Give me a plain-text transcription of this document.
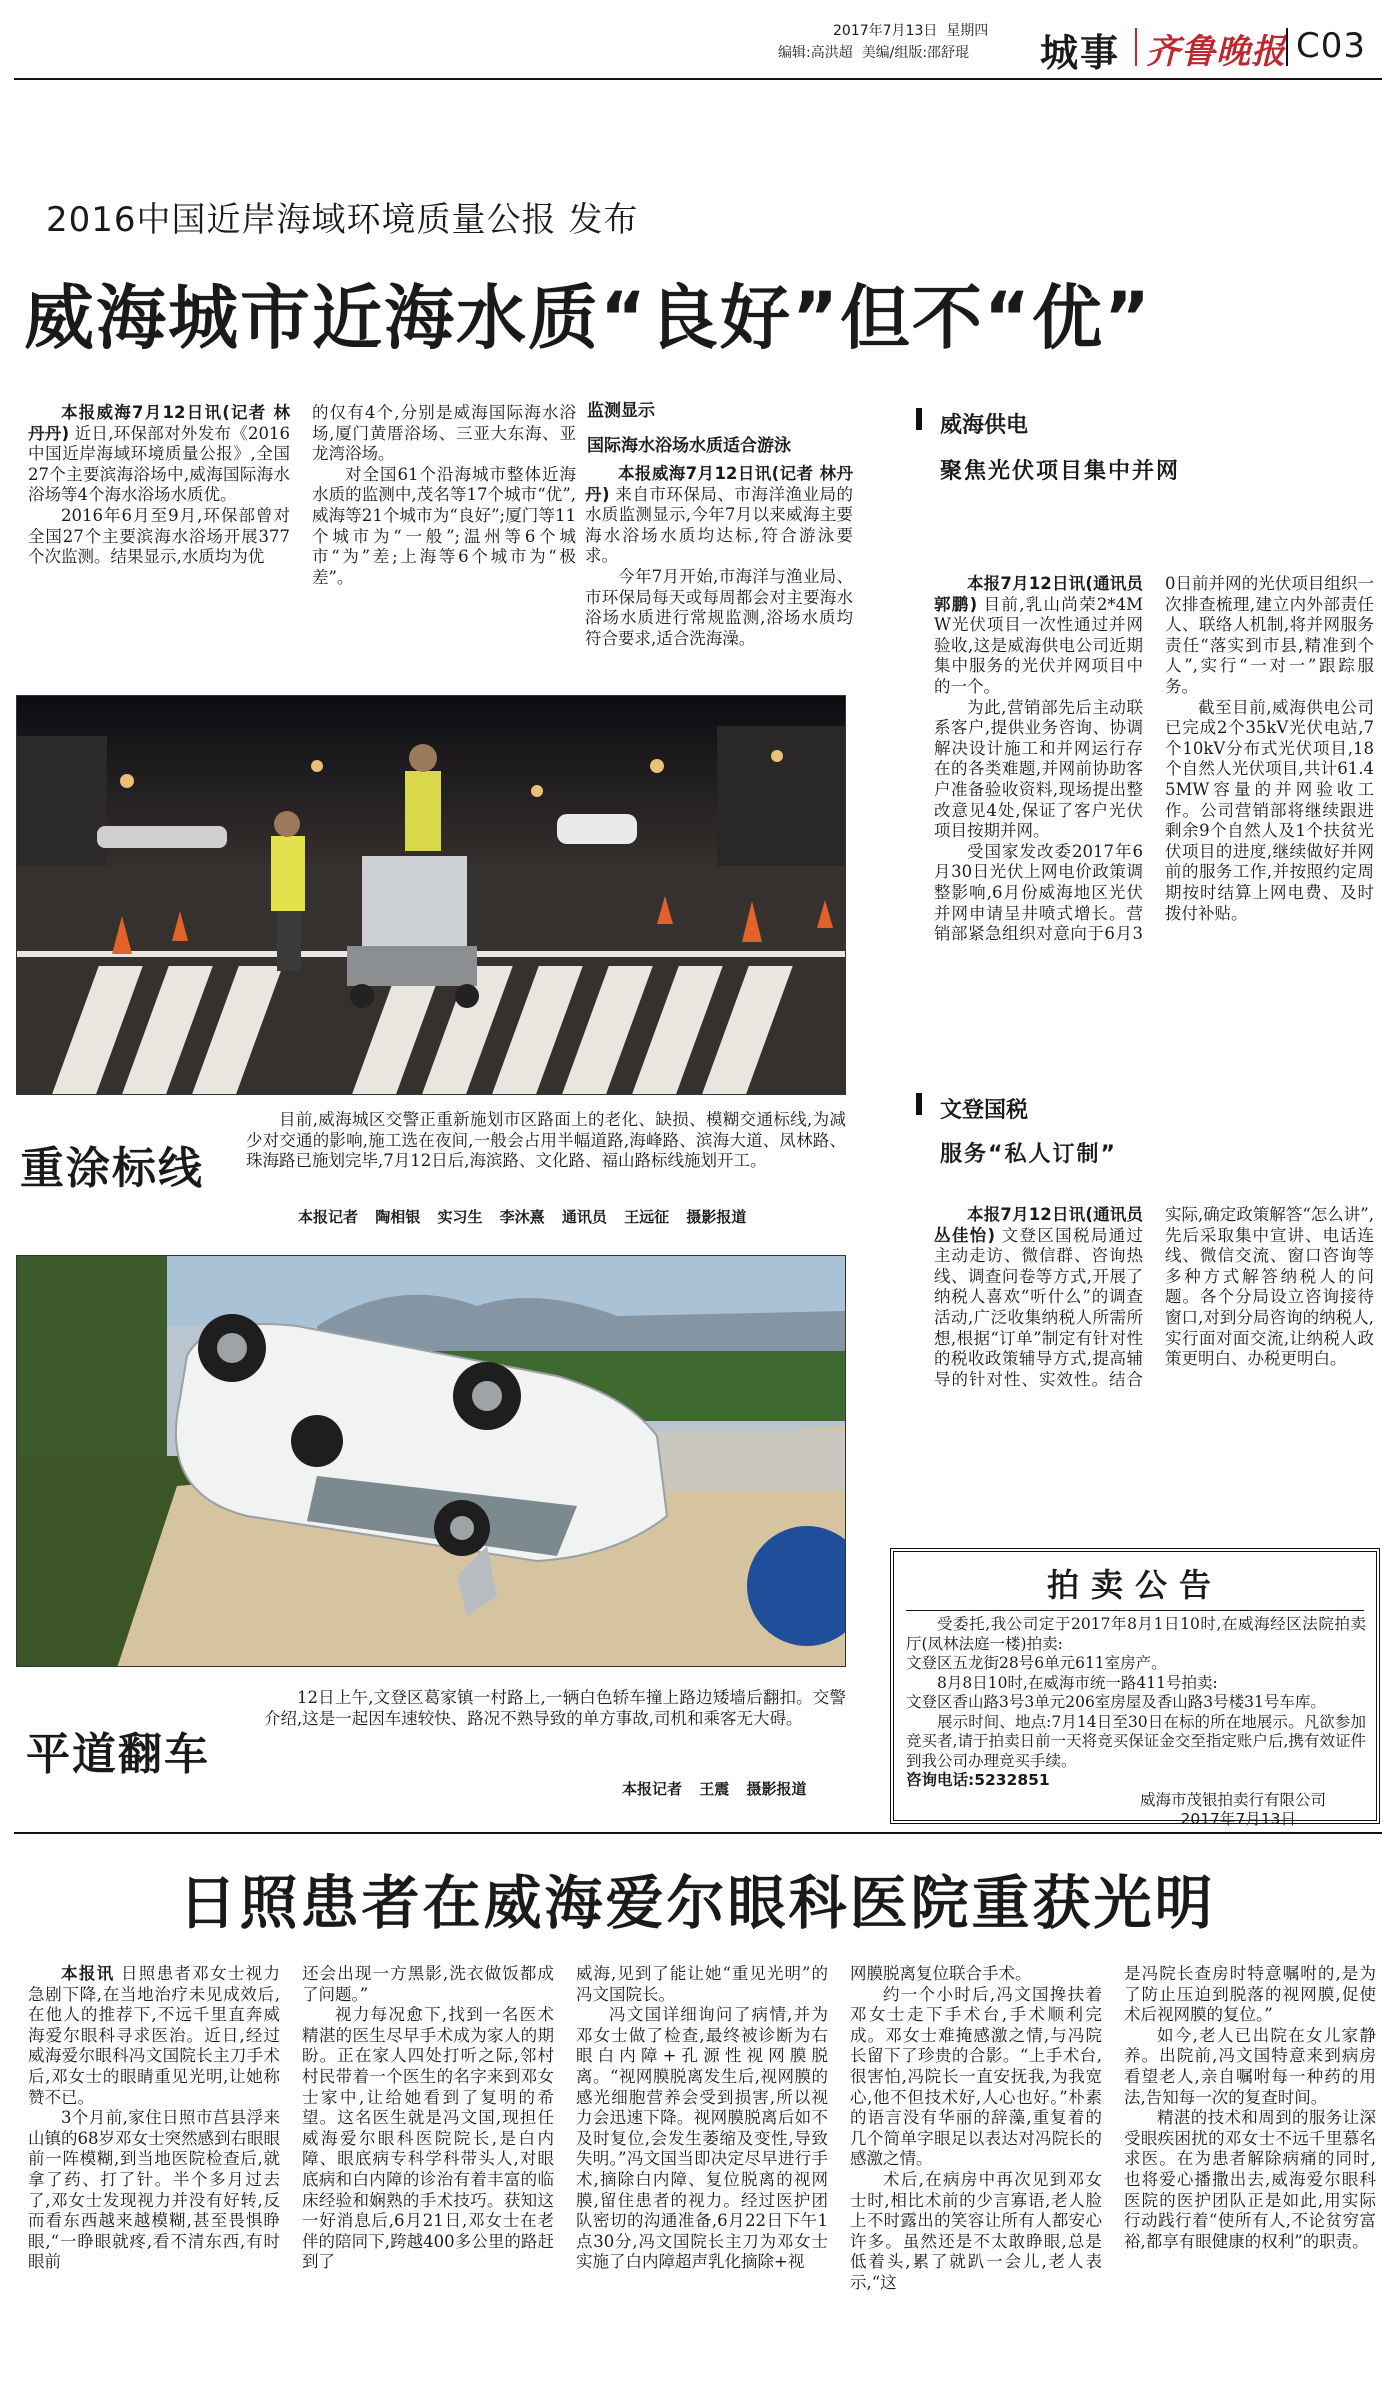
2017年7月13日 星期四
编辑:高洪超 美编/组版:邵舒琨 城事 齐鲁晚报 C03
2016中国近岸海域环境质量公报 发布
威海城市近海水质“良好”但不“优”

本报威海7月12日讯(记者 林丹丹) 近日,环保部对外发布《2016中国近岸海域环境质量公报》,全国27个主要滨海浴场中,威海国际海水浴场等4个海水浴场水质优。

2016年6月至9月,环保部曾对全国27个主要滨海水浴场开展377个次监测。结果显示,水质均为优

的仅有4个,分别是威海国际海水浴场,厦门黄厝浴场、三亚大东海、亚龙湾浴场。

对全国61个沿海城市整体近海水质的监测中,茂名等17个城市“优”,威海等21个城市为“良好”;厦门等11个城市为“一般”;温州等6个城市“为”差;上海等6个城市为“极差”。

监测显示
国际海水浴场水质适合游泳

本报威海7月12日讯(记者 林丹丹) 来自市环保局、市海洋渔业局的水质监测显示,今年7月以来威海主要海水浴场水质均达标,符合游泳要求。

今年7月开始,市海洋与渔业局、市环保局每天或每周都会对主要海水浴场水质进行常规监测,浴场水质均符合要求,适合洗海澡。

重涂标线
目前,威海城区交警正重新施划市区路面上的老化、缺损、模糊交通标线,为减少对交通的影响,施工选在夜间,一般会占用半幅道路,海峰路、滨海大道、凤林路、珠海路已施划完毕,7月12日后,海滨路、文化路、福山路标线施划开工。
本报记者 陶相银 实习生 李沐熹 通讯员 王远征 摄影报道
平道翻车
12日上午,文登区葛家镇一村路上,一辆白色轿车撞上路边矮墙后翻扣。交警介绍,这是一起因车速较快、路况不熟导致的单方事故,司机和乘客无大碍。
本报记者 王震 摄影报道
威海供电
聚焦光伏项目集中并网

本报7月12日讯(通讯员 郭鹏) 目前,乳山尚荣2*4MW光伏项目一次性通过并网验收,这是威海供电公司近期集中服务的光伏并网项目中的一个。

为此,营销部先后主动联系客户,提供业务咨询、协调解决设计施工和并网运行存在的各类难题,并网前协助客户准备验收资料,现场提出整改意见4处,保证了客户光伏项目按期并网。

受国家发改委2017年6月30日光伏上网电价政策调整影响,6月份威海地区光伏并网申请呈井喷式增长。营销部紧急组织对意向于6月30日前并网的光伏项目组织一次排查梳理,建立内外部责任人、联络人机制,将并网服务责任“落实到市县,精准到个人”,实行“一对一”跟踪服务。

截至目前,威海供电公司已完成2个35kV光伏电站,7个10kV分布式光伏项目,18个自然人光伏项目,共计61.45MW容量的并网验收工作。公司营销部将继续跟进剩余9个自然人及1个扶贫光伏项目的进度,继续做好并网前的服务工作,并按照约定周期按时结算上网电费、及时拨付补贴。

文登国税
服务“私人订制”

本报7月12日讯(通讯员 丛佳怡) 文登区国税局通过主动走访、微信群、咨询热线、调查问卷等方式,开展了纳税人喜欢“听什么”的调查活动,广泛收集纳税人所需所想,根据“订单”制定有针对性的税收政策辅导方式,提高辅导的针对性、实效性。结合实际,确定政策解答“怎么讲”,先后采取集中宣讲、电话连线、微信交流、窗口咨询等多种方式解答纳税人的问题。各个分局设立咨询接待窗口,对到分局咨询的纳税人,实行面对面交流,让纳税人政策更明白、办税更明白。

拍卖公告

受委托,我公司定于2017年8月1日10时,在威海经区法院拍卖厅(凤林法庭一楼)拍卖:

文登区五龙街28号6单元611室房产。

8月8日10时,在威海市统一路411号拍卖:

文登区香山路3号3单元206室房屋及香山路3号楼31号车库。

展示时间、地点:7月14日至30日在标的所在地展示。凡欲参加竞买者,请于拍卖日前一天将竞买保证金交至指定账户后,携有效证件到我公司办理竞买手续。

咨询电话:5232851

威海市茂银拍卖行有限公司

2017年7月13日

日照患者在威海爱尔眼科医院重获光明

本报讯 日照患者邓女士视力急剧下降,在当地治疗未见成效后,在他人的推荐下,不远千里直奔威海爱尔眼科寻求医治。近日,经过威海爱尔眼科冯文国院长主刀手术后,邓女士的眼睛重见光明,让她称赞不已。

3个月前,家住日照市莒县浮来山镇的68岁邓女士突然感到右眼眼前一阵模糊,到当地医院检查后,就拿了药、打了针。半个多月过去了,邓女士发现视力并没有好转,反而看东西越来越模糊,甚至畏惧睁眼,“一睁眼就疼,看不清东西,有时眼前

还会出现一方黑影,洗衣做饭都成了问题。”

视力每况愈下,找到一名医术精湛的医生尽早手术成为家人的期盼。正在家人四处打听之际,邻村村民带着一个医生的名字来到邓女士家中,让给她看到了复明的希望。这名医生就是冯文国,现担任威海爱尔眼科医院院长,是白内障、眼底病专科学科带头人,对眼底病和白内障的诊治有着丰富的临床经验和娴熟的手术技巧。获知这一好消息后,6月21日,邓女士在老伴的陪同下,跨越400多公里的路赶到了

威海,见到了能让她“重见光明”的冯文国院长。

冯文国详细询问了病情,并为邓女士做了检查,最终被诊断为右眼白内障+孔源性视网膜脱离。“视网膜脱离发生后,视网膜的感光细胞营养会受到损害,所以视力会迅速下降。视网膜脱离后如不及时复位,会发生萎缩及变性,导致失明。”冯文国当即决定尽早进行手术,摘除白内障、复位脱离的视网膜,留住患者的视力。经过医护团队密切的沟通准备,6月22日下午1点30分,冯文国院长主刀为邓女士实施了白内障超声乳化摘除+视

网膜脱离复位联合手术。

约一个小时后,冯文国搀扶着邓女士走下手术台,手术顺利完成。邓女士难掩感激之情,与冯院长留下了珍贵的合影。“上手术台,很害怕,冯院长一直安抚我,为我宽心,他不但技术好,人心也好。”朴素的语言没有华丽的辞藻,重复着的几个简单字眼足以表达对冯院长的感激之情。

术后,在病房中再次见到邓女士时,相比术前的少言寡语,老人脸上不时露出的笑容让所有人都安心许多。虽然还是不太敢睁眼,总是低着头,累了就趴一会儿,老人表示,“这

是冯院长查房时特意嘱咐的,是为了防止压迫到脱落的视网膜,促使术后视网膜的复位。”

如今,老人已出院在女儿家静养。出院前,冯文国特意来到病房看望老人,亲自嘱咐每一种药的用法,告知每一次的复查时间。

精湛的技术和周到的服务让深受眼疾困扰的邓女士不远千里慕名求医。在为患者解除病痛的同时,也将爱心播撒出去,威海爱尔眼科医院的医护团队正是如此,用实际行动践行着“使所有人,不论贫穷富裕,都享有眼健康的权利”的职责。
